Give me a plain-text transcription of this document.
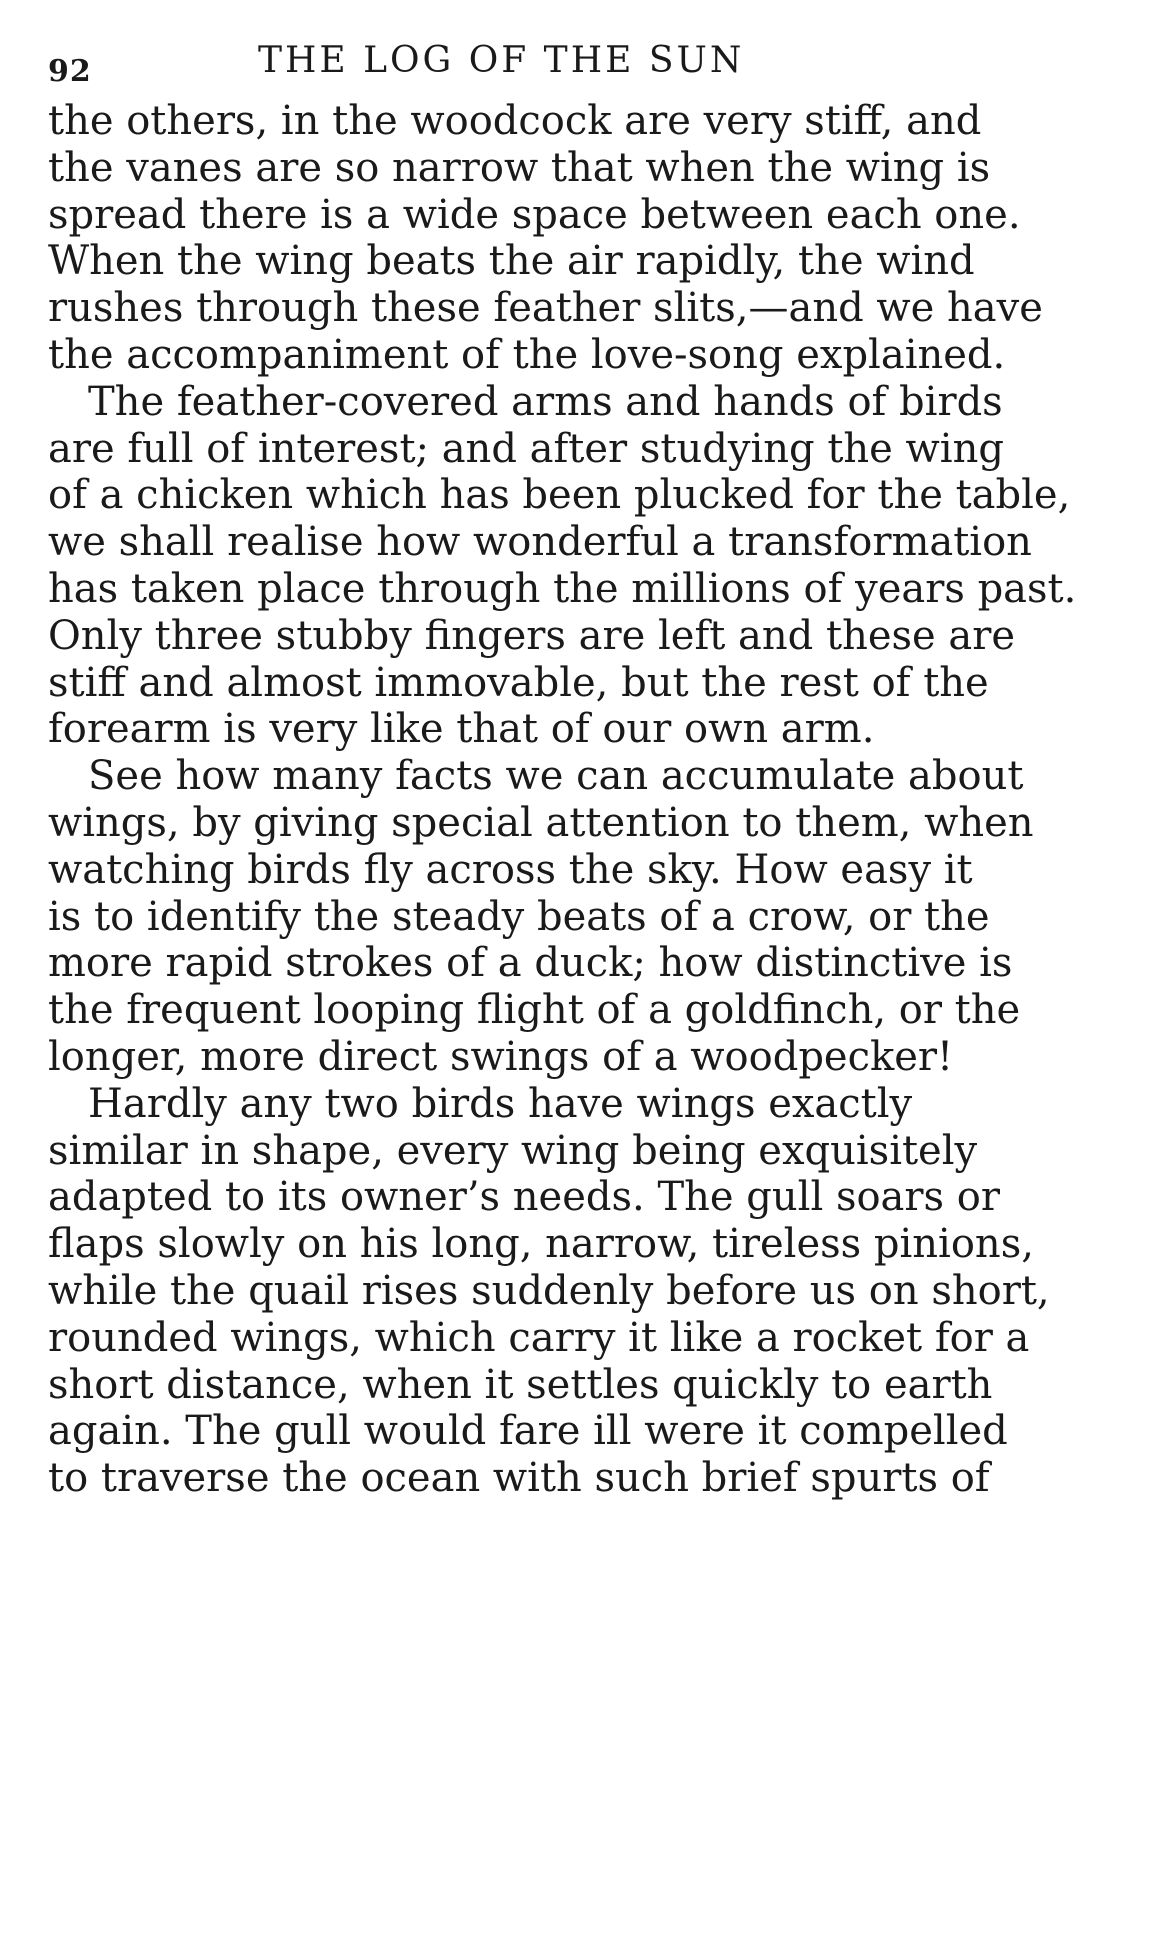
92	THE LOG OF THE SUN

the others, in the woodcock are very stiff, and
the vanes are so narrow that when the wing is
spread there is a wide space between each one.
When the wing beats the air rapidly, the wind
rushes through these feather slits,—and we have
the accompaniment of the love-song explained.

The feather-covered arms and hands of birds
are full of interest; and after studying the wing
of a chicken which has been plucked for the table,
we shall realise how wonderful a transformation
has taken place through the millions of years past.
Only three stubby fingers are left and these are
stiff and almost immovable, but the rest of the
forearm is very like that of our own arm.

See how many facts we can accumulate about
wings, by giving special attention to them, when
watching birds fly across the sky. How easy it
is to identify the steady beats of a crow, or the
more rapid strokes of a duck; how distinctive is
the frequent looping flight of a goldfinch, or the
longer, more direct swings of a woodpecker!

Hardly any two birds have wings exactly
similar in shape, every wing being exquisitely
adapted to its owner’s needs. The gull soars or
flaps slowly on his long, narrow, tireless pinions,
while the quail rises suddenly before us on short,
rounded wings, which carry it like a rocket for a
short distance, when it settles quickly to earth
again. The gull would fare ill were it compelled
to traverse the ocean with such brief spurts of
